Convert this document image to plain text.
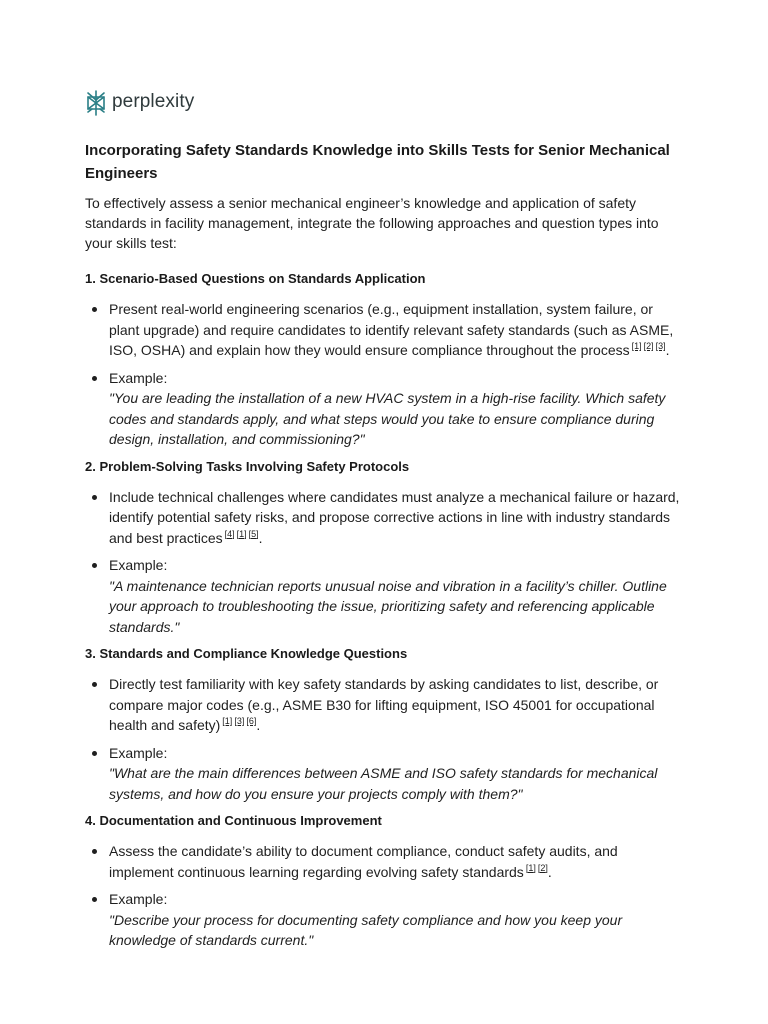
perplexity
Incorporating Safety Standards Knowledge into Skills Tests for Senior Mechanical Engineers

To effectively assess a senior mechanical engineer’s knowledge and application of safety standards in facility management, integrate the following approaches and question types into your skills test:

1. Scenario-Based Questions on Standards Application
Present real-world engineering scenarios (e.g., equipment installation, system failure, or plant upgrade) and require candidates to identify relevant safety standards (such as ASME, ISO, OSHA) and explain how they would ensure compliance throughout the process [1] [2] [3].
Example:
"You are leading the installation of a new HVAC system in a high-rise facility. Which safety codes and standards apply, and what steps would you take to ensure compliance during design, installation, and commissioning?"
2. Problem-Solving Tasks Involving Safety Protocols
Include technical challenges where candidates must analyze a mechanical failure or hazard, identify potential safety risks, and propose corrective actions in line with industry standards and best practices [4] [1] [5].
Example:
"A maintenance technician reports unusual noise and vibration in a facility’s chiller. Outline your approach to troubleshooting the issue, prioritizing safety and referencing applicable standards."
3. Standards and Compliance Knowledge Questions
Directly test familiarity with key safety standards by asking candidates to list, describe, or compare major codes (e.g., ASME B30 for lifting equipment, ISO 45001 for occupational health and safety) [1] [3] [6].
Example:
"What are the main differences between ASME and ISO safety standards for mechanical systems, and how do you ensure your projects comply with them?"
4. Documentation and Continuous Improvement
Assess the candidate’s ability to document compliance, conduct safety audits, and implement continuous learning regarding evolving safety standards [1] [2].
Example:
"Describe your process for documenting safety compliance and how you keep your knowledge of standards current."
